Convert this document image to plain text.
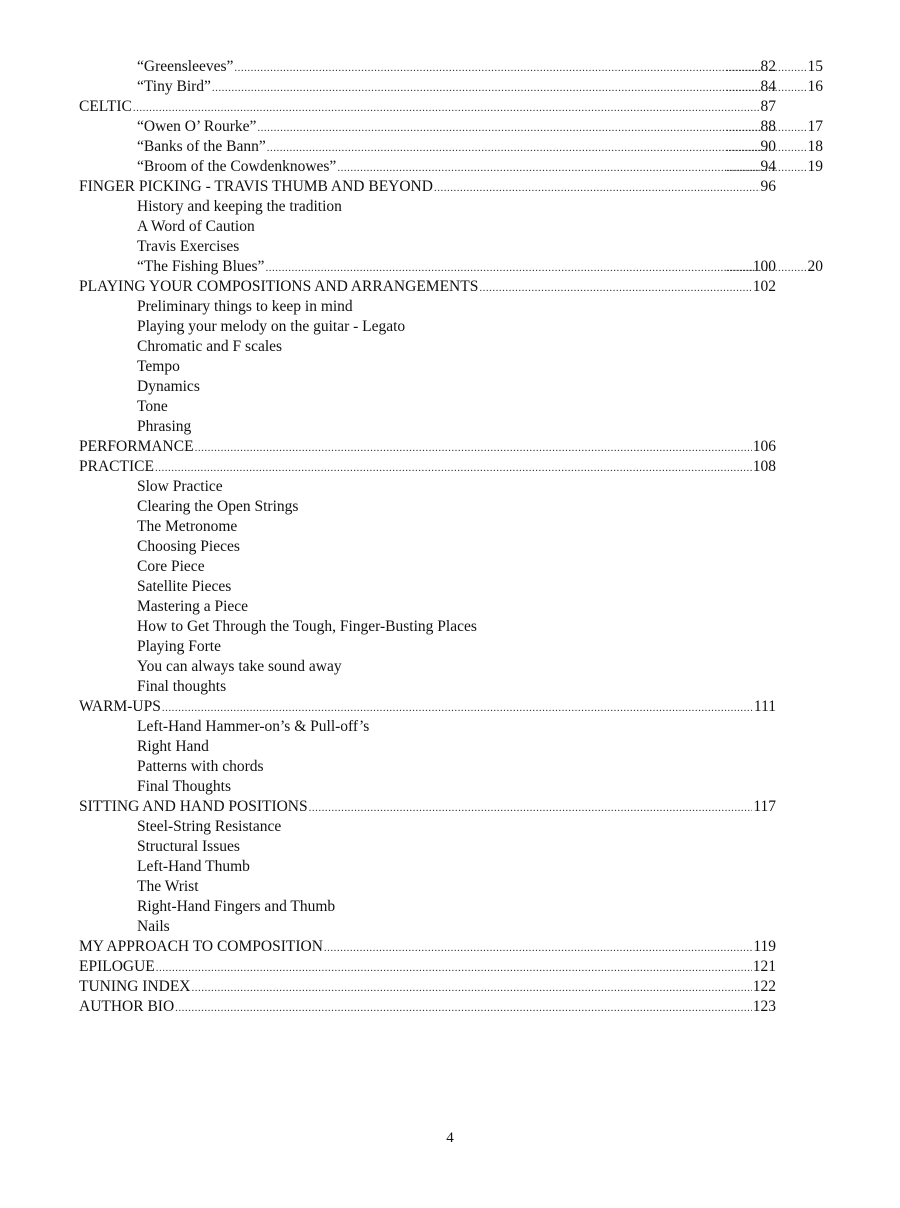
“Greensleeves” .....	82 ..... 15
“Tiny Bird” .....	84 ..... 16
CELTIC .....	87
“Owen O’ Rourke” .....	88 ..... 17
“Banks of the Bann” .....	90 ..... 18
“Broom of the Cowdenknowes” .....	94 ..... 19
FINGER PICKING - TRAVIS THUMB AND BEYOND .....	96
History and keeping the tradition
A Word of Caution
Travis Exercises
“The Fishing Blues” .....	100 ..... 20
PLAYING YOUR COMPOSITIONS AND ARRANGEMENTS .....	102
Preliminary things to keep in mind
Playing your melody on the guitar - Legato
Chromatic and F scales
Tempo
Dynamics
Tone
Phrasing
PERFORMANCE .....	106
PRACTICE .....	108
Slow Practice
Clearing the Open Strings
The Metronome
Choosing Pieces
Core Piece
Satellite Pieces
Mastering a Piece
How to Get Through the Tough, Finger-Busting Places
Playing Forte
You can always take sound away
Final thoughts
WARM-UPS .....	111
Left-Hand Hammer-on’s & Pull-off’s
Right Hand
Patterns with chords
Final Thoughts
SITTING AND HAND POSITIONS .....	117
Steel-String Resistance
Structural Issues
Left-Hand Thumb
The Wrist
Right-Hand Fingers and Thumb
Nails
MY APPROACH TO COMPOSITION .....	119
EPILOGUE .....	121
TUNING INDEX .....	122
AUTHOR BIO .....	123
4
